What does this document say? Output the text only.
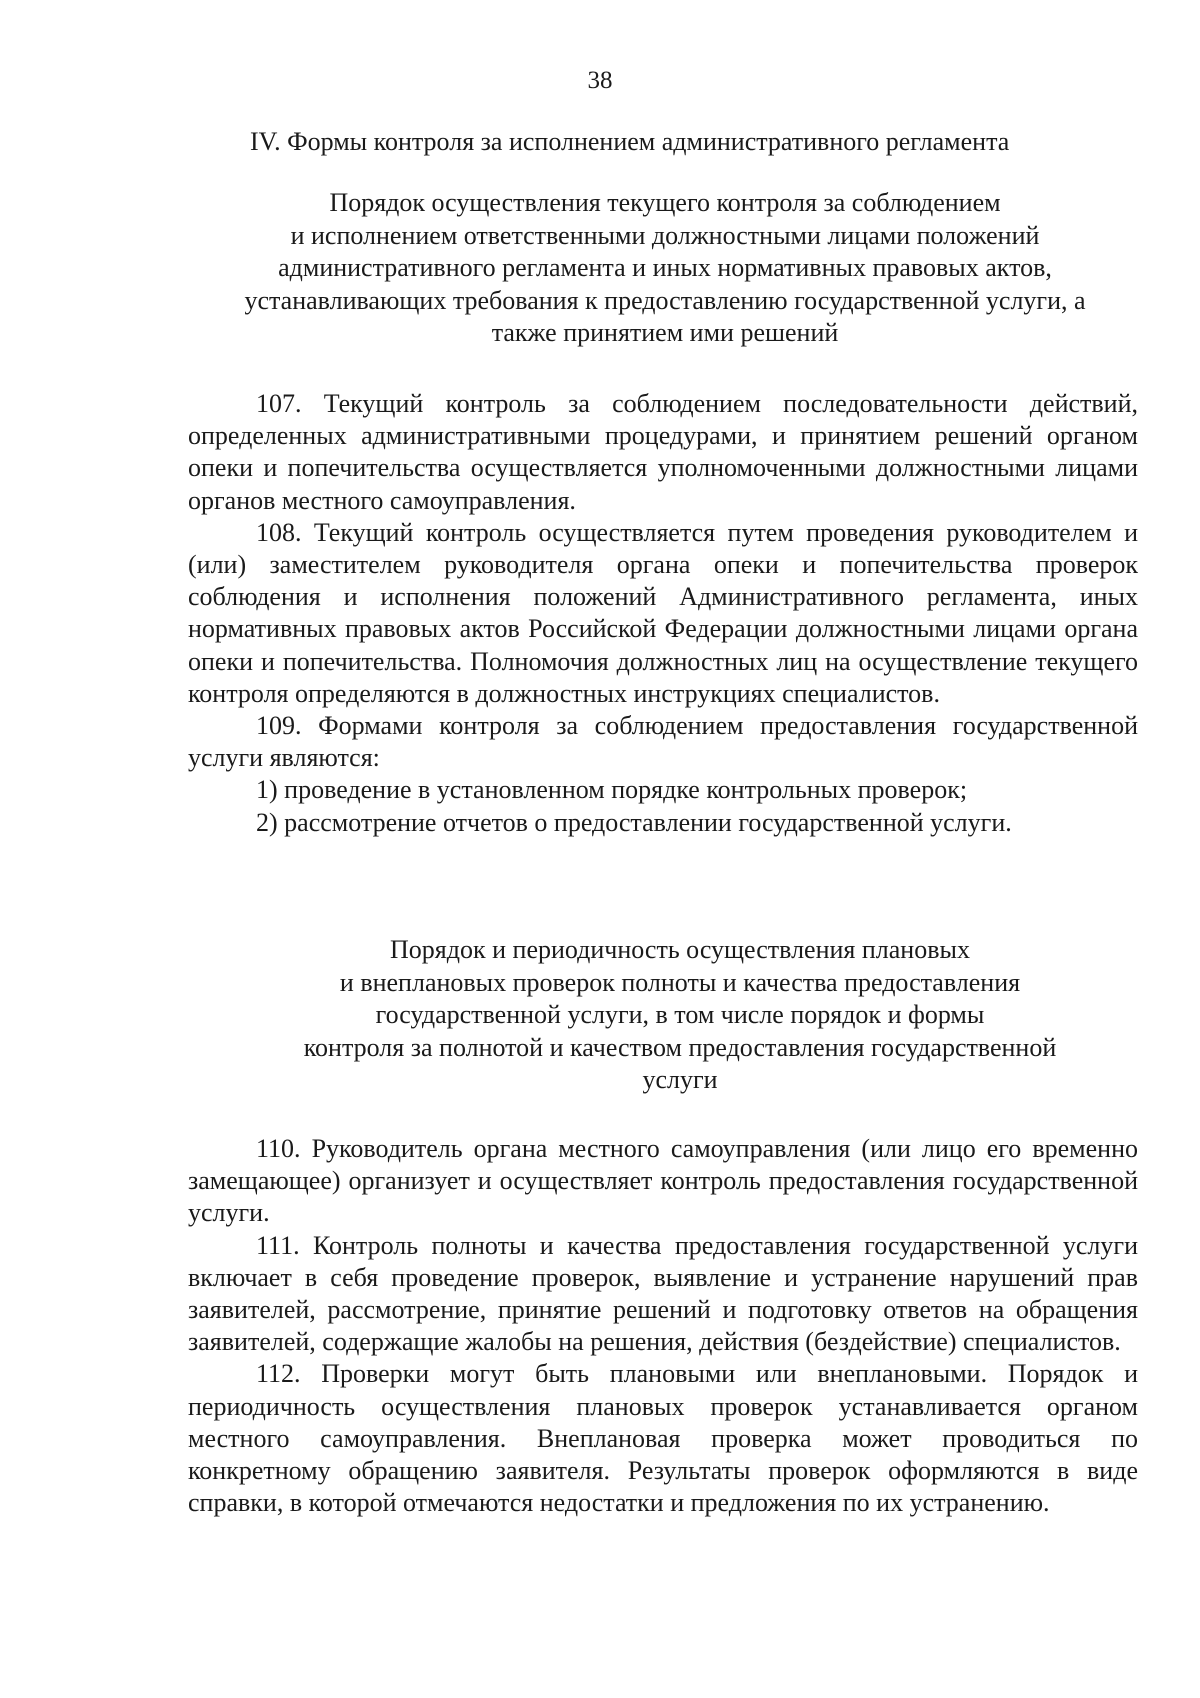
38
IV. Формы контроля за исполнением административного регламента
Порядок осуществления текущего контроля за соблюдением
и исполнением ответственными должностными лицами положений
административного регламента и иных нормативных правовых актов,
устанавливающих требования к предоставлению государственной услуги, а
также принятием ими решений

107. Текущий контроль за соблюдением последовательности действий, определенных административными процедурами, и принятием решений органом опеки и попечительства осуществляется уполномоченными должностными лицами органов местного самоуправления.

108. Текущий контроль осуществляется путем проведения руководителем и (или) заместителем руководителя органа опеки и попечительства проверок соблюдения и исполнения положений Административного регламента, иных нормативных правовых актов Российской Федерации должностными лицами органа опеки и попечительства. Полномочия должностных лиц на осуществление текущего контроля определяются в должностных инструкциях специалистов.

109. Формами контроля за соблюдением предоставления государственной услуги являются:

1) проведение в установленном порядке контрольных проверок;

2) рассмотрение отчетов о предоставлении государственной услуги.

Порядок и периодичность осуществления плановых
и внеплановых проверок полноты и качества предоставления
государственной услуги, в том числе порядок и формы
контроля за полнотой и качеством предоставления государственной
услуги

110. Руководитель органа местного самоуправления (или лицо его временно замещающее) организует и осуществляет контроль предоставления государственной услуги.

111. Контроль полноты и качества предоставления государственной услуги включает в себя проведение проверок, выявление и устранение нарушений прав заявителей, рассмотрение, принятие решений и подготовку ответов на обращения заявителей, содержащие жалобы на решения, действия (бездействие) специалистов.

112. Проверки могут быть плановыми или внеплановыми. Порядок и периодичность осуществления плановых проверок устанавливается органом местного самоуправления. Внеплановая проверка может проводиться по конкретному обращению заявителя. Результаты проверок оформляются в виде справки, в которой отмечаются недостатки и предложения по их устранению.
